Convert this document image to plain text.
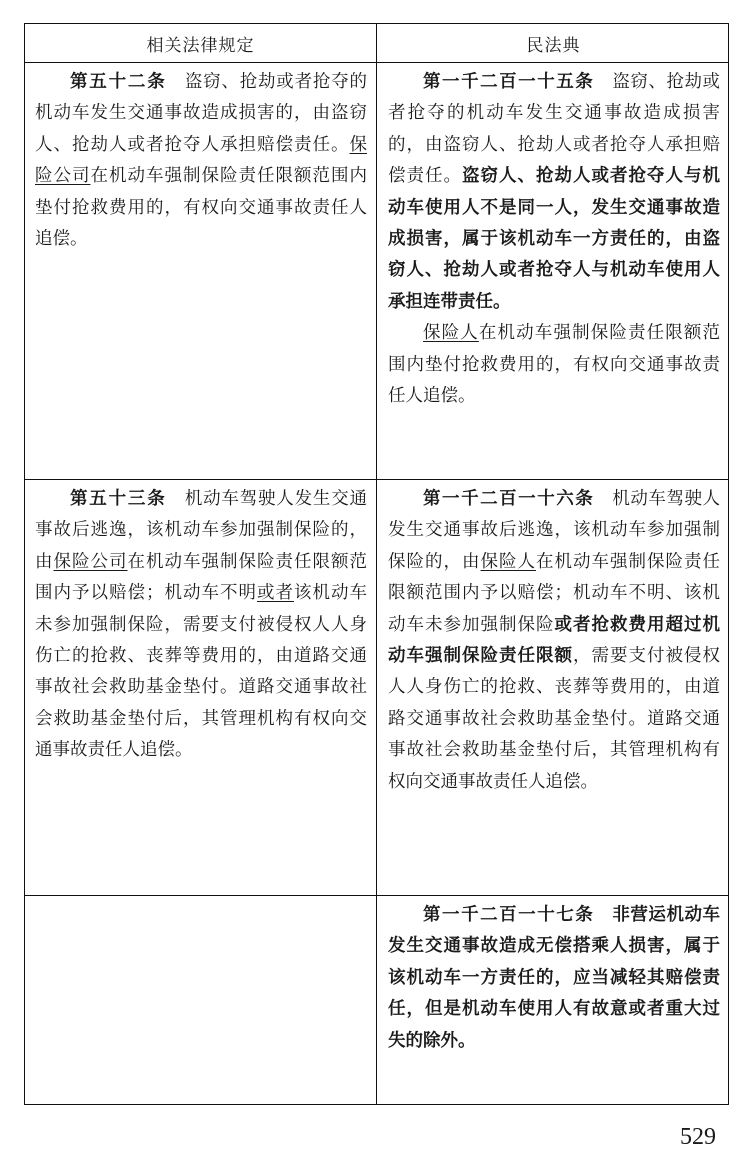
相关法律规定	民法典

第五十二条　 盗窃、抢劫或者抢夺的机动车发生交通事故造成损害的，由盗窃人、抢劫人或者抢夺人承担赔偿责任。保险公司在机动车强制保险责任限额范围内垫付抢救费用的，有权向交通事故责任人追偿。

第一千二百一十五条　 盗窃、抢劫或者抢夺的机动车发生交通事故造成损害的，由盗窃人、抢劫人或者抢夺人承担赔偿责任。盗窃人、抢劫人或者抢夺人与机动车使用人不是同一人，发生交通事故造成损害，属于该机动车一方责任的，由盗窃人、抢劫人或者抢夺人与机动车使用人承担连带责任。

保险人在机动车强制保险责任限额范围内垫付抢救费用的，有权向交通事故责任人追偿。

第五十三条　 机动车驾驶人发生交通事故后逃逸，该机动车参加强制保险的，由保险公司在机动车强制保险责任限额范围内予以赔偿；机动车不明或者该机动车未参加强制保险，需要支付被侵权人人身伤亡的抢救、丧葬等费用的，由道路交通事故社会救助基金垫付。道路交通事故社会救助基金垫付后，其管理机构有权向交通事故责任人追偿。

第一千二百一十六条　 机动车驾驶人发生交通事故后逃逸，该机动车参加强制保险的，由保险人在机动车强制保险责任限额范围内予以赔偿；机动车不明、该机动车未参加强制保险或者抢救费用超过机动车强制保险责任限额，需要支付被侵权人人身伤亡的抢救、丧葬等费用的，由道路交通事故社会救助基金垫付。道路交通事故社会救助基金垫付后，其管理机构有权向交通事故责任人追偿。

第一千二百一十七条　 非营运机动车发生交通事故造成无偿搭乘人损害，属于该机动车一方责任的，应当减轻其赔偿责任，但是机动车使用人有故意或者重大过失的除外。

529
